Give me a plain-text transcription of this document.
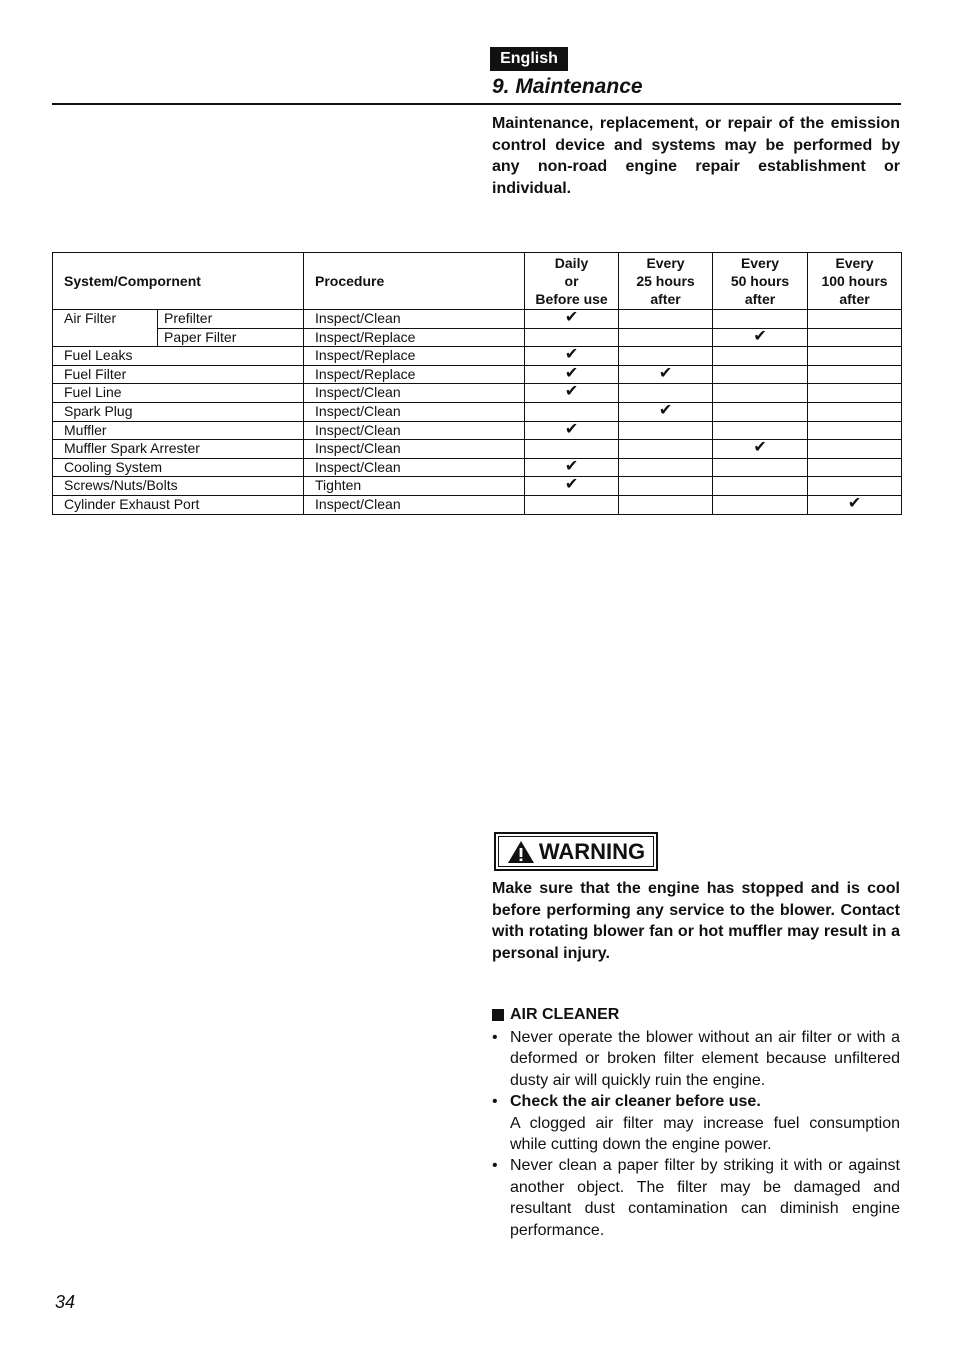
English
9. Maintenance

Maintenance, replacement, or repair of the emission control device and systems may be performed by any non-road engine repair establishment or individual.

System/Compornent		Procedure	Daily
or
Before use	Every
25 hours
after	Every
50 hours
after	Every
100 hours
after
Air Filter	Prefilter	Inspect/Clean	✔			
	Paper Filter	Inspect/Replace			✔	
Fuel Leaks		Inspect/Replace	✔			
Fuel Filter		Inspect/Replace	✔	✔		
Fuel Line		Inspect/Clean	✔			
Spark Plug		Inspect/Clean		✔		
Muffler		Inspect/Clean	✔			
Muffler Spark Arrester		Inspect/Clean			✔	
Cooling System		Inspect/Clean	✔			
Screws/Nuts/Bolts		Tighten	✔			
Cylinder Exhaust Port		Inspect/Clean				✔
WARNING

Make sure that the engine has stopped and is cool before performing any service to the blower. Contact with rotating blower fan or hot muffler may result in a personal injury.

AIR CLEANER
• Never operate the blower without an air filter or with a deformed or broken filter element because unfiltered dusty air will quickly ruin the engine.
• Check the air cleaner before use.
A clogged air filter may increase fuel consumption while cutting down the engine power.
• Never clean a paper filter by striking it with or against another object. The filter may be damaged and resultant dust contamination can diminish engine performance.
34
